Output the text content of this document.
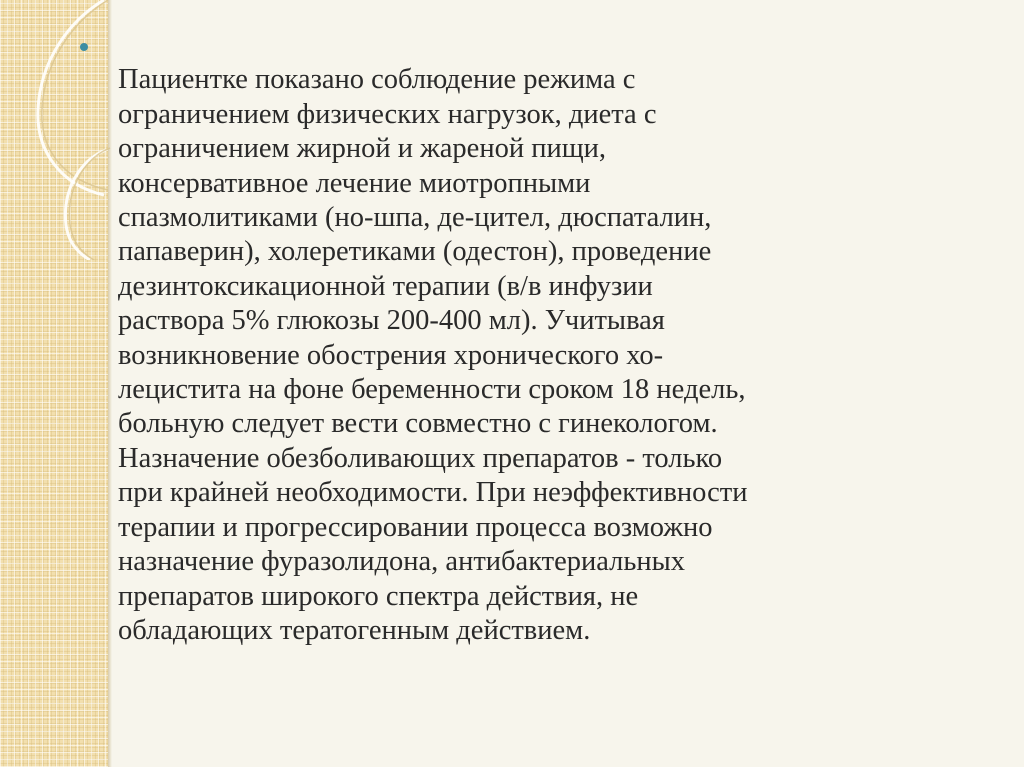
Пациентке показано соблюдение режима с
ограничением физических нагрузок, диета с
ограничением жирной и жареной пищи,
консервативное лечение миотропными
спазмолитиками (но-шпа, де-цител, дюспаталин,
папаверин), холеретиками (одестон), проведение
дезинтоксикационной терапии (в/в инфузии
раствора 5% глюкозы 200-400 мл). Учитывая
возникновение обострения хронического хо-
лецистита на фоне беременности сроком 18 недель,
больную следует вести совместно с гинекологом.
Назначение обезболивающих препаратов - только
при крайней необходимости. При неэффективности
терапии и прогрессировании процесса возможно
назначение фуразолидона, антибактериальных
препаратов широкого спектра действия, не
обладающих тератогенным действием.
